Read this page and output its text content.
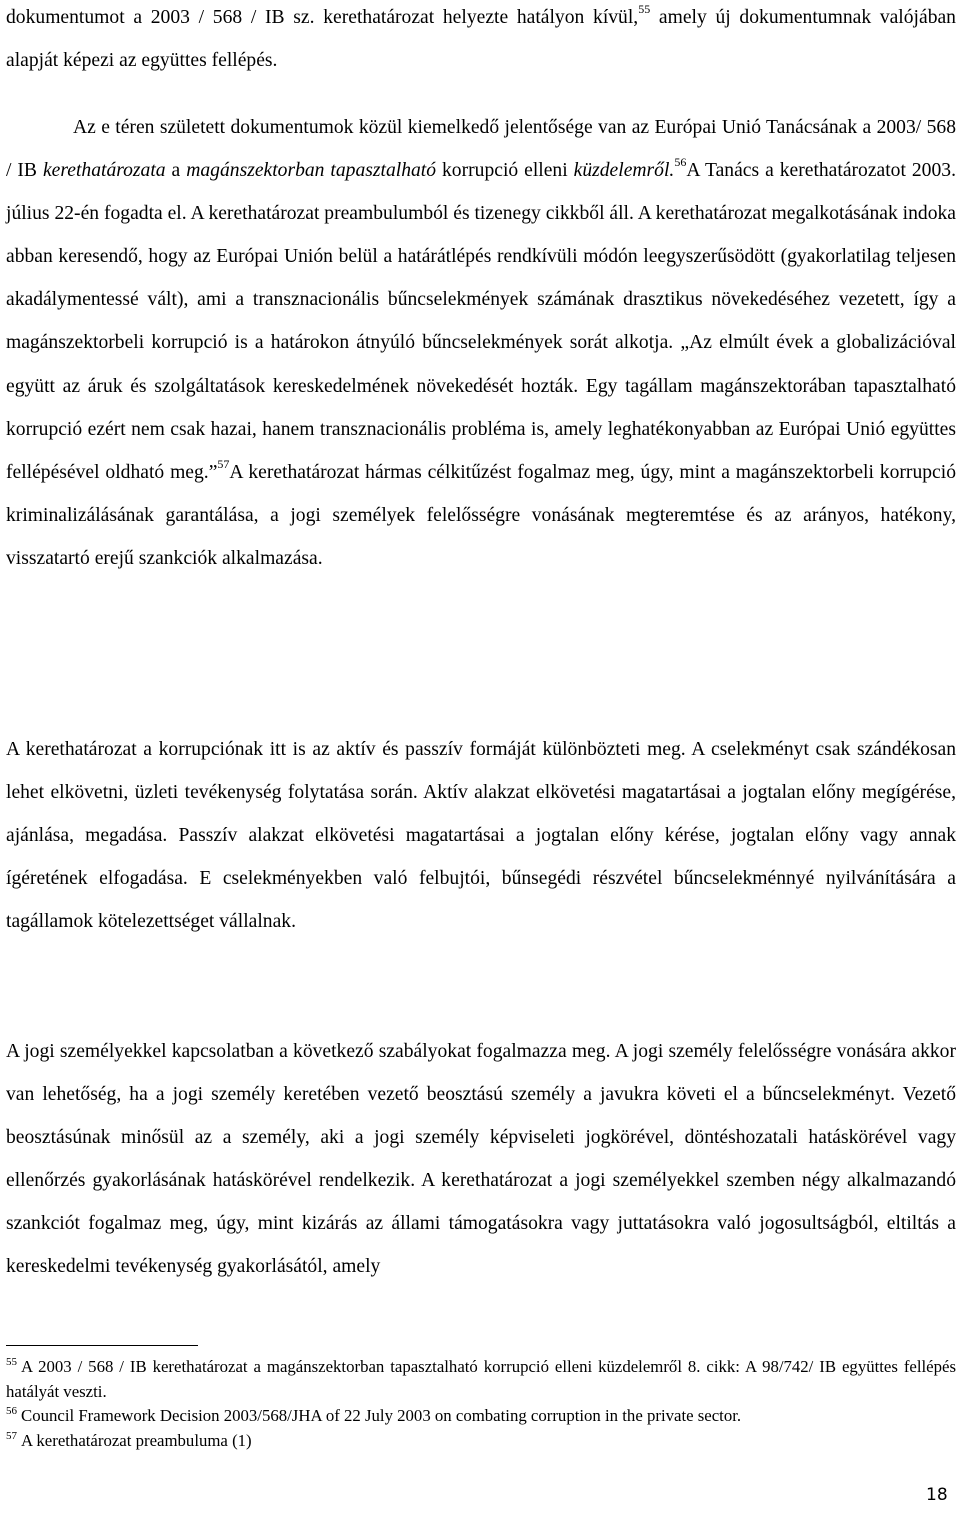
dokumentumot a 2003 / 568 / IB sz. kerethatározat helyezte hatályon kívül,$^{55}$ amely új dokumentumnak valójában alapját képezi az együttes fellépés.

Az e téren született dokumentumok közül kiemelkedő jelentősége van az Európai Unió Tanácsának a 2003/ 568 / IB kerethatározata a magánszektorban tapasztalható korrupció elleni küzdelemről.$^{56}$A Tanács a kerethatározatot 2003. július 22-én fogadta el. A kerethatározat preambulumból és tizenegy cikkből áll. A kerethatározat megalkotásának indoka abban keresendő, hogy az Európai Unión belül a határátlépés rendkívüli módón leegyszerűsödött (gyakorlatilag teljesen akadálymentessé vált), ami a transznacionális bűncselekmények számának drasztikus növekedéséhez vezetett, így a magánszektorbeli korrupció is a határokon átnyúló bűncselekmények sorát alkotja. „Az elmúlt évek a globalizációval együtt az áruk és szolgáltatások kereskedelmének növekedését hozták. Egy tagállam magánszektorában tapasztalható korrupció ezért nem csak hazai, hanem transznacionális probléma is, amely leghatékonyabban az Európai Unió együttes fellépésével oldható meg.”$^{57}$A kerethatározat hármas célkitűzést fogalmaz meg, úgy, mint a magánszektorbeli korrupció kriminalizálásának garantálása, a jogi személyek felelősségre vonásának megteremtése és az arányos, hatékony, visszatartó erejű szankciók alkalmazása.

A kerethatározat a korrupciónak itt is az aktív és passzív formáját különbözteti meg. A cselekményt csak szándékosan lehet elkövetni, üzleti tevékenység folytatása során. Aktív alakzat elkövetési magatartásai a jogtalan előny megígérése, ajánlása, megadása. Passzív alakzat elkövetési magatartásai a jogtalan előny kérése, jogtalan előny vagy annak ígéretének elfogadása. E cselekményekben való felbujtói, bűnsegédi részvétel bűncselekménnyé nyilvánítására a tagállamok kötelezettséget vállalnak.

A jogi személyekkel kapcsolatban a következő szabályokat fogalmazza meg. A jogi személy felelősségre vonására akkor van lehetőség, ha a jogi személy keretében vezető beosztású személy a javukra követi el a bűncselekményt. Vezető beosztásúnak minősül az a személy, aki a jogi személy képviseleti jogkörével, döntéshozatali hatáskörével vagy ellenőrzés gyakorlásának hatáskörével rendelkezik. A kerethatározat a jogi személyekkel szemben négy alkalmazandó szankciót fogalmaz meg, úgy, mint kizárás az állami támogatásokra vagy juttatásokra való jogosultságból, eltiltás a kereskedelmi tevékenység gyakorlásától, amely

$^{55}$ A 2003 / 568 / IB kerethatározat a magánszektorban tapasztalható korrupció elleni küzdelemről 8. cikk: A 98/742/ IB együttes fellépés hatályát veszti.

$^{56}$ Council Framework Decision 2003/568/JHA of 22 July 2003 on combating corruption in the private sector.

$^{57}$ A kerethatározat preambuluma (1)

18
